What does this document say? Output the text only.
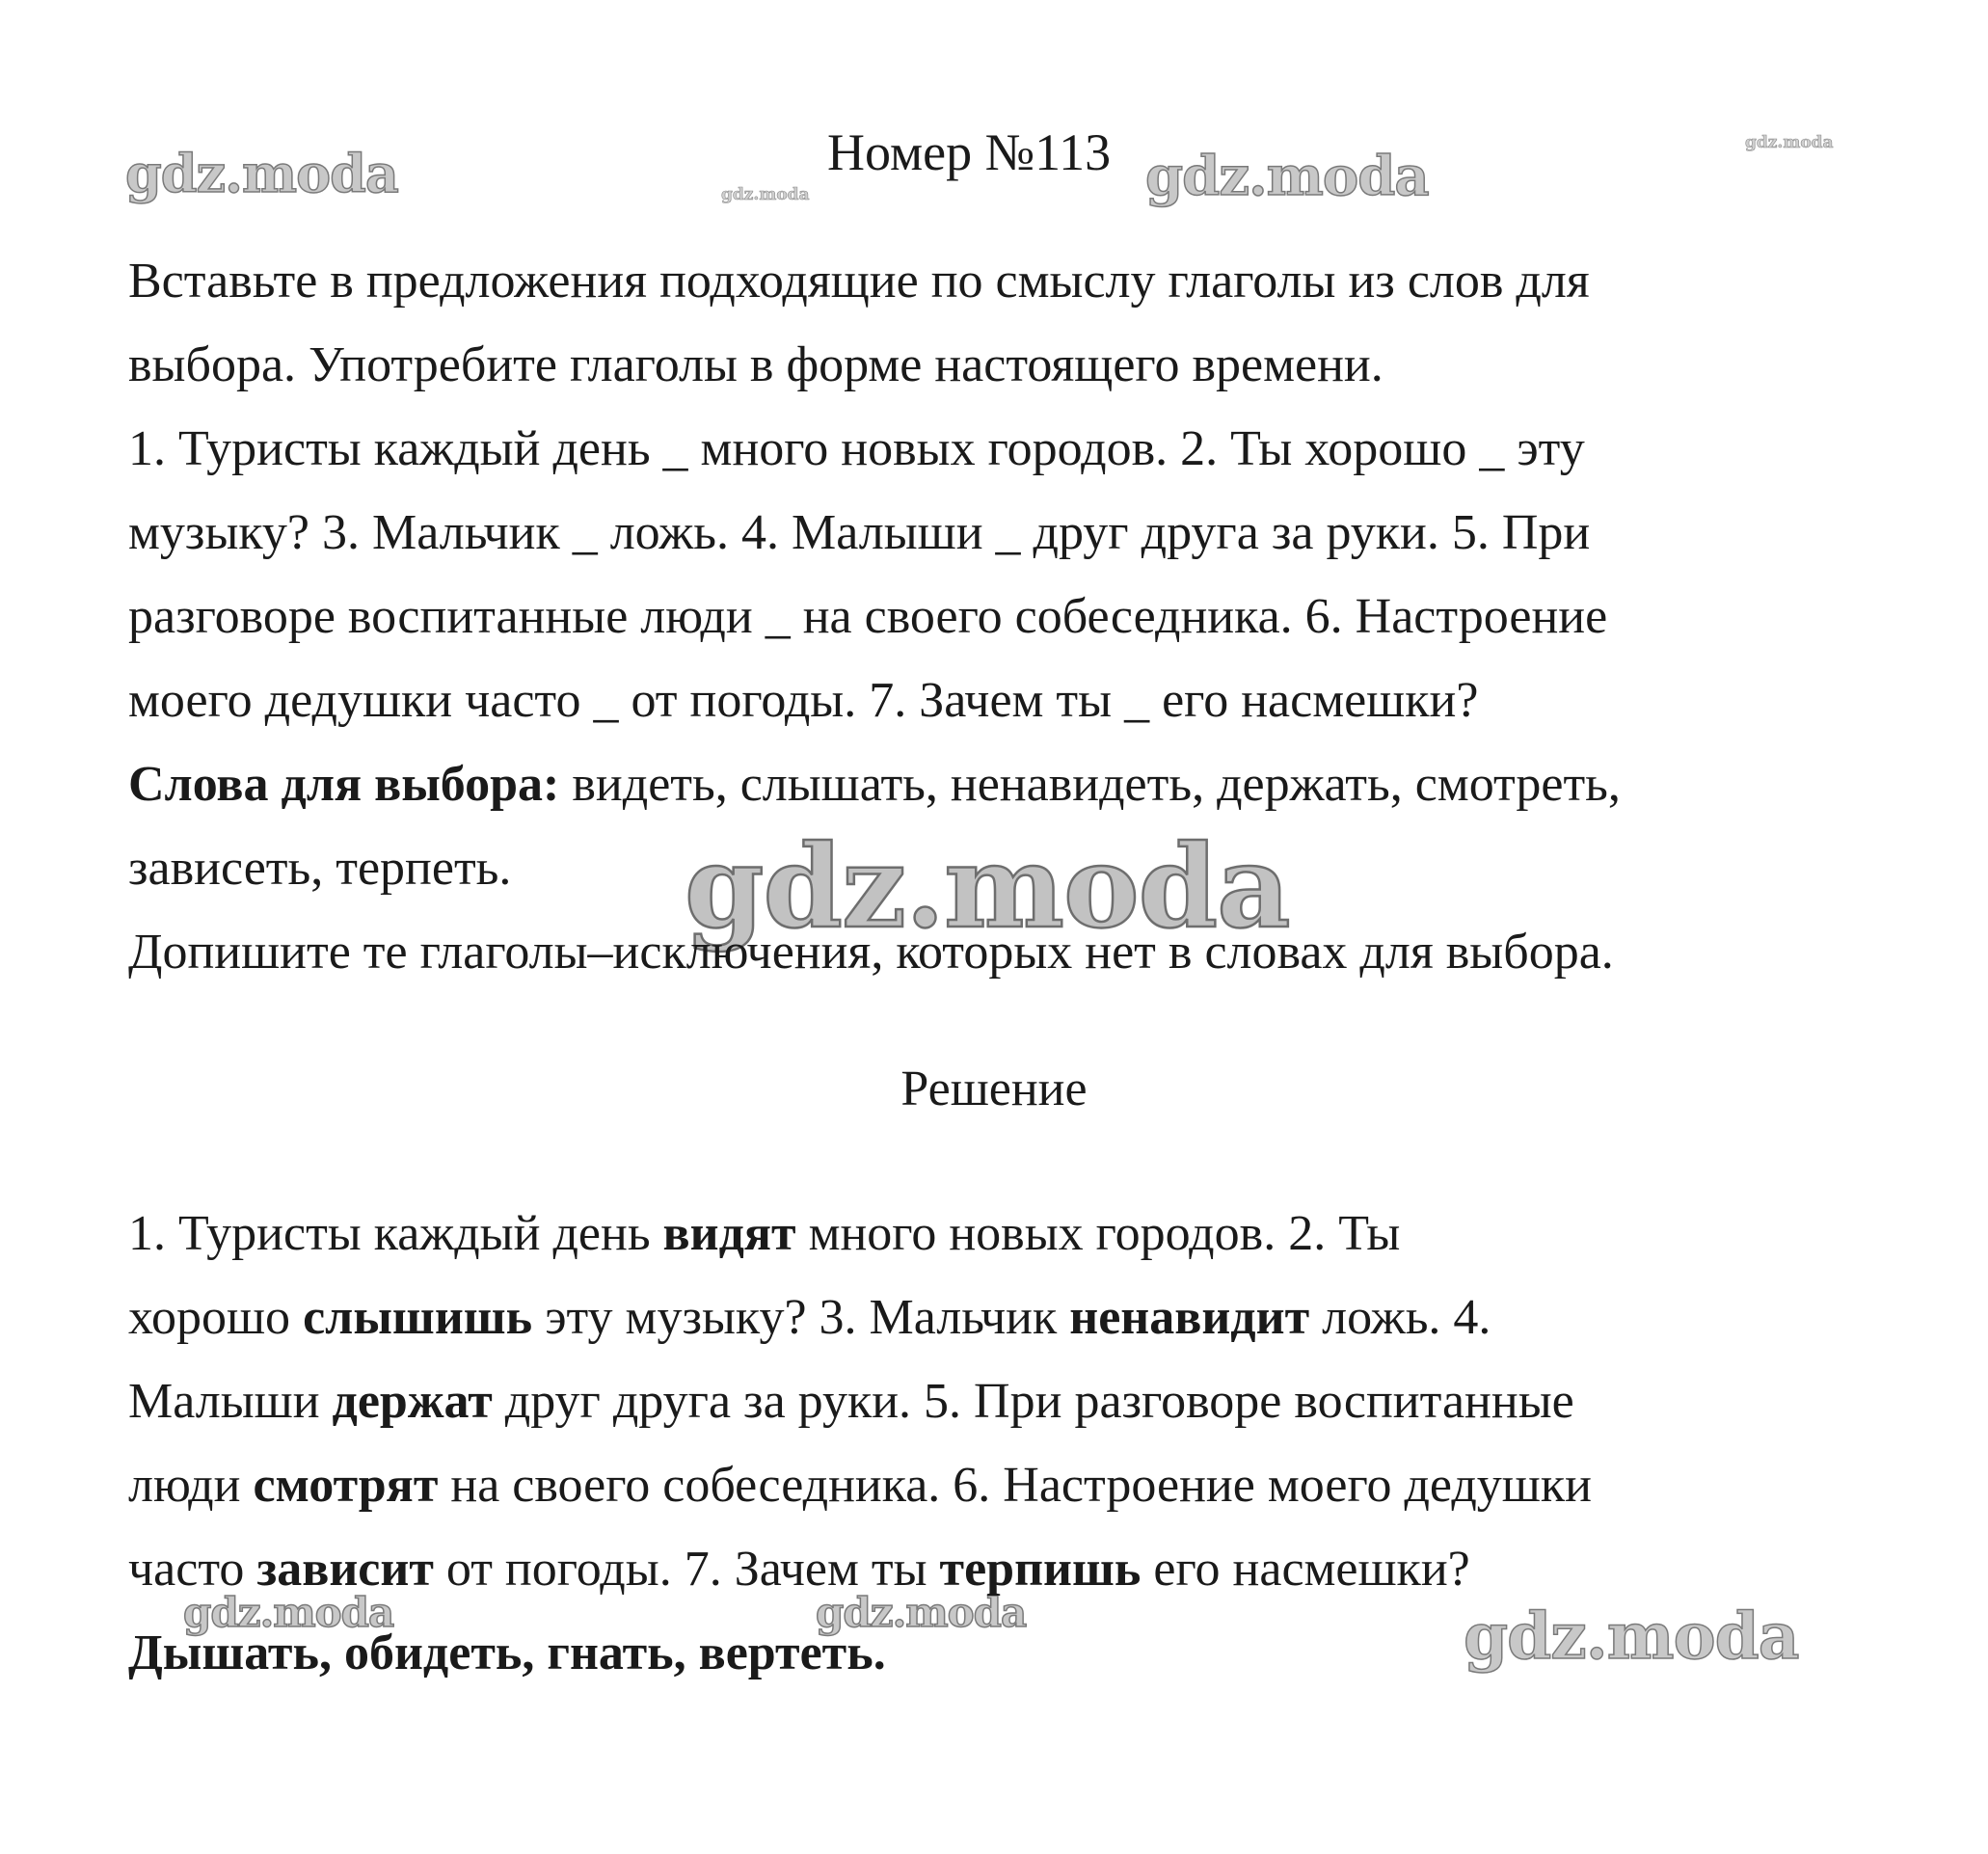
gdz.moda	gdz.moda	gdz.moda
gdz.moda
gdz.moda
gdz.moda	gdz.moda	gdz.moda
Номер №113

Вставьте в предложения подходящие по смыслу глаголы из слов для

выбора. Употребите глаголы в форме настоящего времени.

1. Туристы каждый день _ много новых городов. 2. Ты хорошо _ эту

музыку? 3. Мальчик _ ложь. 4. Малыши _ друг друга за руки. 5. При

разговоре воспитанные люди _ на своего собеседника. 6. Настроение

моего дедушки часто _ от погоды. 7. Зачем ты _ его насмешки?

Слова для выбора: видеть, слышать, ненавидеть, держать, смотреть,

зависеть, терпеть.

Допишите те глаголы–исключения, которых нет в словах для выбора.

Решение

1. Туристы каждый день видят много новых городов. 2. Ты

хорошо слышишь эту музыку? 3. Мальчик ненавидит ложь. 4.

Малыши держат друг друга за руки. 5. При разговоре воспитанные

люди смотрят на своего собеседника. 6. Настроение моего дедушки

часто зависит от погоды. 7. Зачем ты терпишь его насмешки?

Дышать, обидеть, гнать, вертеть.
